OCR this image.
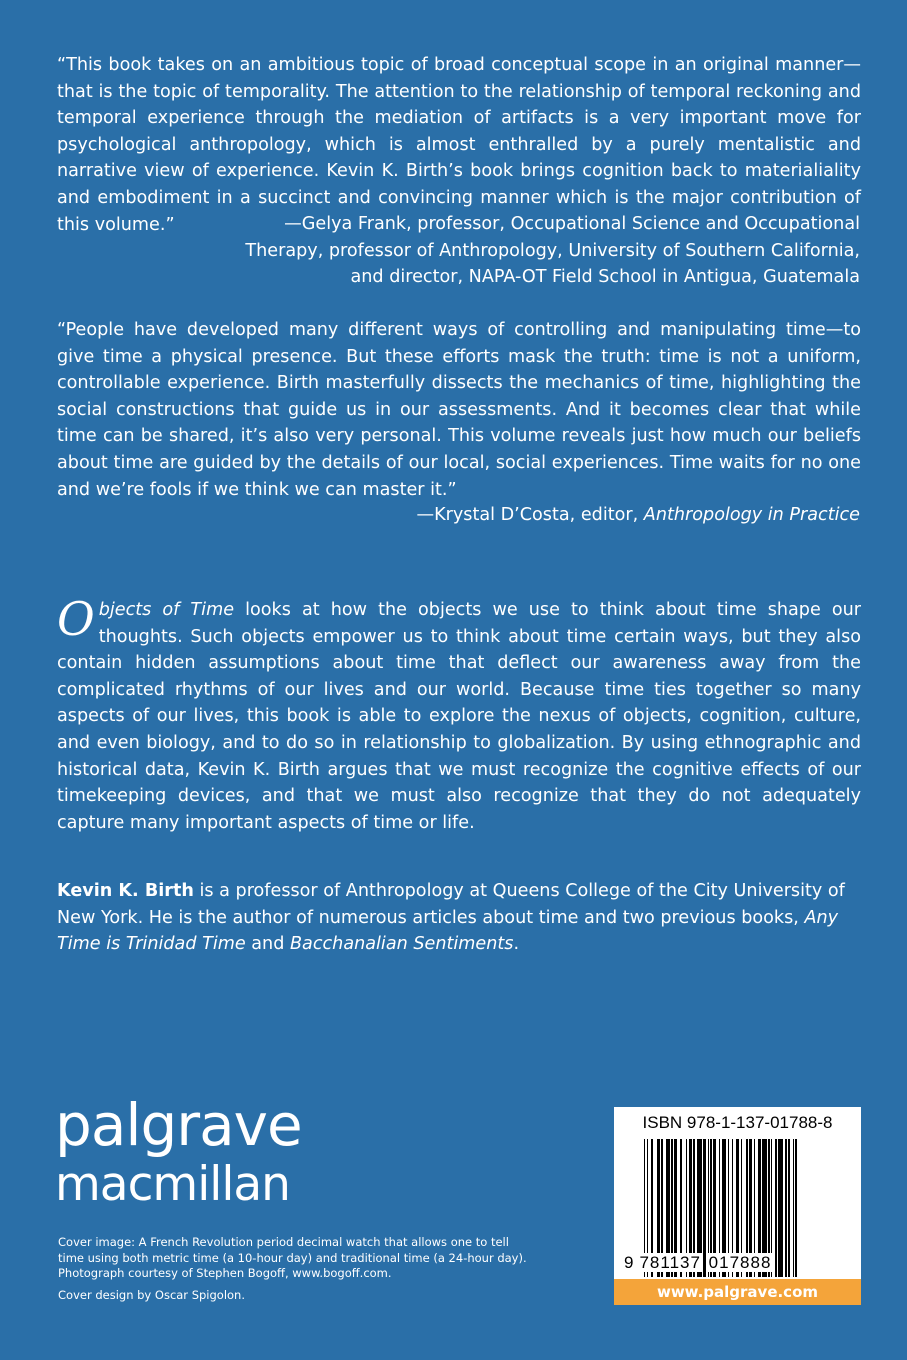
“This book takes on an ambitious topic of broad conceptual scope in an original manner—that is the topic of temporality. The attention to the relationship of temporal reckoning and temporal experience through the mediation of artifacts is a very important move for psychological anthropology, which is almost enthralled by a purely mentalistic and narrative view of experience. Kevin K. Birth’s book brings cognition back to materialiality and embodiment in a succinct and convincing manner which is the major contribution of this volume.”	—Gelya Frank, professor, Occupational Science and Occupational
Therapy, professor of Anthropology, University of Southern California,
and director, NAPA-OT Field School in Antigua, Guatemala

“People have developed many different ways of controlling and manipulating time—to give time a physical presence. But these efforts mask the truth: time is not a uniform, controllable experience. Birth masterfully dissects the mechanics of time, highlighting the social constructions that guide us in our assessments. And it becomes clear that while time can be shared, it’s also very personal. This volume reveals just how much our beliefs about time are guided by the details of our local, social experiences. Time waits for no one and we’re fools if we think we can master it.”

—Krystal D’Costa, editor, Anthropology in Practice
Objects of Time looks at how the objects we use to think about time shape our thoughts. Such objects empower us to think about time certain ways, but they also contain hidden assumptions about time that deflect our awareness away from the complicated rhythms of our lives and our world. Because time ties together so many aspects of our lives, this book is able to explore the nexus of objects, cognition, culture, and even biology, and to do so in relationship to globalization. By using ethnographic and historical data, Kevin K. Birth argues that we must recognize the cognitive effects of our timekeeping devices, and that we must also recognize that they do not adequately capture many important aspects of time or life.
Kevin K. Birth is a professor of Anthropology at Queens College of the City University of New York. He is the author of numerous articles about time and two previous books, Any Time is Trinidad Time and Bacchanalian Sentiments.
palgrave
macmillan

Cover image: A French Revolution period decimal watch that allows one to tell time using both metric time (a 10-hour day) and traditional time (a 24-hour day). Photograph courtesy of Stephen Bogoff, www.bogoff.com.

Cover design by Oscar Spigolon.

ISBN 978-1-137-01788-8
9 781137 017888
www.palgrave.com
